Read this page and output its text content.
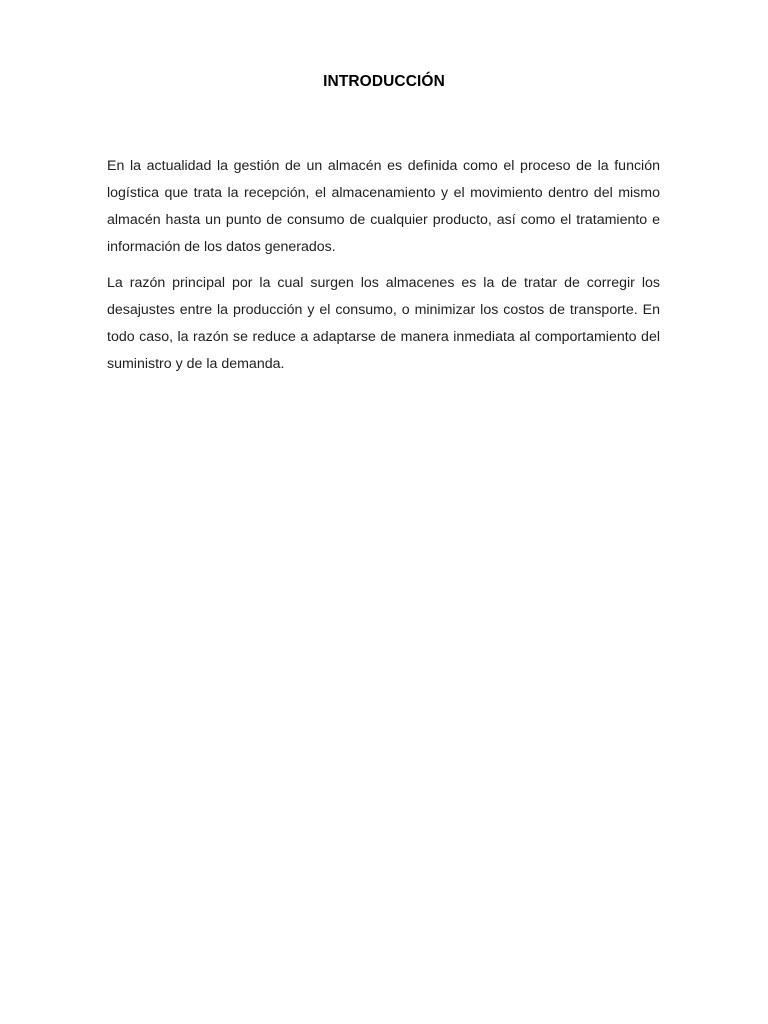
INTRODUCCIÓN

En la actualidad la gestión de un almacén es definida como el proceso de la función logística que trata la recepción, el almacenamiento y el movimiento dentro del mismo almacén hasta un punto de consumo de cualquier producto, así como el tratamiento e información de los datos generados.

La razón principal por la cual surgen los almacenes es la de tratar de corregir los desajustes entre la producción y el consumo, o minimizar los costos de transporte. En todo caso, la razón se reduce a adaptarse de manera inmediata al comportamiento del suministro y de la demanda.
